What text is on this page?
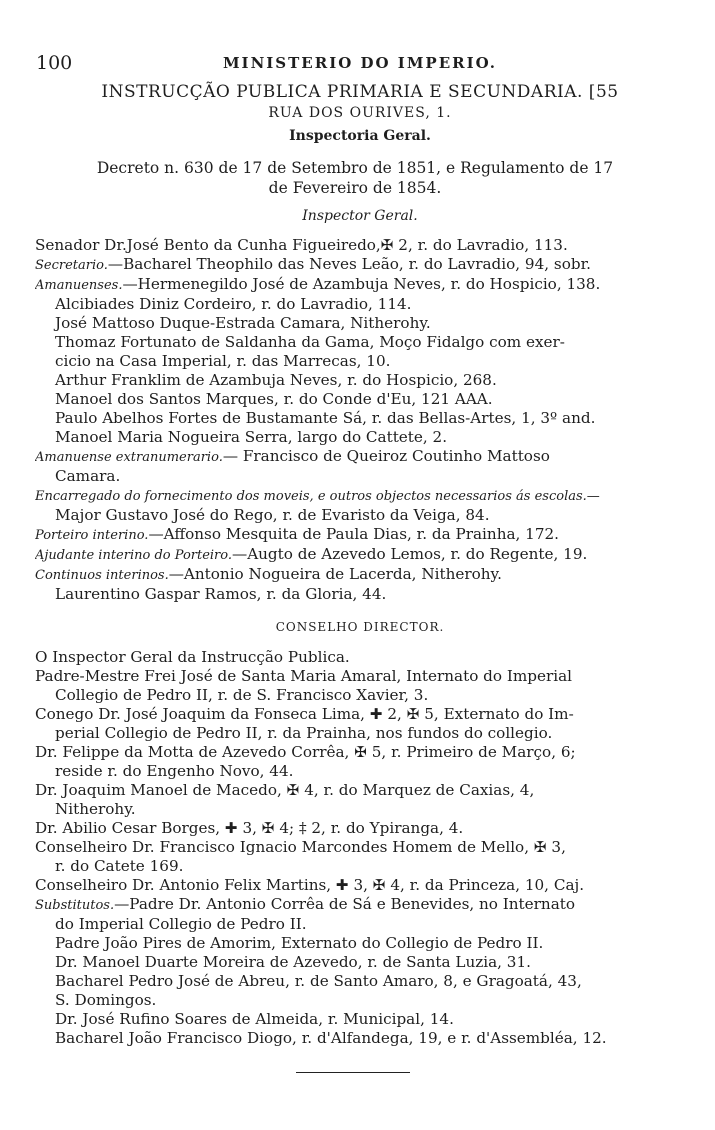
100	MINISTERIO DO IMPERIO.
INSTRUCÇÃO PUBLICA PRIMARIA E SECUNDARIA. [55
RUA DOS OURIVES, 1.
Inspectoria Geral.
Decreto n. 630 de 17 de Setembro de 1851, e Regulamento de 17
de Fevereiro de 1854.
Inspector Geral.
Senador Dr.José Bento da Cunha Figueiredo,✠ 2, r. do Lavradio, 113.
Secretario.—Bacharel Theophilo das Neves Leão, r. do Lavradio, 94, sobr.
Amanuenses.—Hermenegildo José de Azambuja Neves, r. do Hospicio, 138.
Alcibiades Diniz Cordeiro, r. do Lavradio, 114.
José Mattoso Duque-Estrada Camara, Nitherohy.
Thomaz Fortunato de Saldanha da Gama, Moço Fidalgo com exer-
cicio na Casa Imperial, r. das Marrecas, 10.
Arthur Franklim de Azambuja Neves, r. do Hospicio, 268.
Manoel dos Santos Marques, r. do Conde d'Eu, 121 AAA.
Paulo Abelhos Fortes de Bustamante Sá, r. das Bellas-Artes, 1, 3º and.
Manoel Maria Nogueira Serra, largo do Cattete, 2.
Amanuense extranumerario.— Francisco de Queiroz Coutinho Mattoso
Camara.
Encarregado do fornecimento dos moveis, e outros objectos necessarios ás escolas.—
Major Gustavo José do Rego, r. de Evaristo da Veiga, 84.
Porteiro interino.—Affonso Mesquita de Paula Dias, r. da Prainha, 172.
Ajudante interino do Porteiro.—Augto de Azevedo Lemos, r. do Regente, 19.
Continuos interinos.—Antonio Nogueira de Lacerda, Nitherohy.
Laurentino Gaspar Ramos, r. da Gloria, 44.
CONSELHO DIRECTOR.
O Inspector Geral da Instrucção Publica.
Padre-Mestre Frei José de Santa Maria Amaral, Internato do Imperial
Collegio de Pedro II, r. de S. Francisco Xavier, 3.
Conego Dr. José Joaquim da Fonseca Lima, ✚ 2, ✠ 5, Externato do Im-
perial Collegio de Pedro II, r. da Prainha, nos fundos do collegio.
Dr. Felippe da Motta de Azevedo Corrêa, ✠ 5, r. Primeiro de Março, 6;
reside r. do Engenho Novo, 44.
Dr. Joaquim Manoel de Macedo, ✠ 4, r. do Marquez de Caxias, 4,
Nitherohy.
Dr. Abilio Cesar Borges, ✚ 3, ✠ 4; ‡ 2, r. do Ypiranga, 4.
Conselheiro Dr. Francisco Ignacio Marcondes Homem de Mello, ✠ 3,
r. do Catete 169.
Conselheiro Dr. Antonio Felix Martins, ✚ 3, ✠ 4, r. da Princeza, 10, Caj.
Substitutos.—Padre Dr. Antonio Corrêa de Sá e Benevides, no Internato
do Imperial Collegio de Pedro II.
Padre João Pires de Amorim, Externato do Collegio de Pedro II.
Dr. Manoel Duarte Moreira de Azevedo, r. de Santa Luzia, 31.
Bacharel Pedro José de Abreu, r. de Santo Amaro, 8, e Gragoatá, 43,
S. Domingos.
Dr. José Rufino Soares de Almeida, r. Municipal, 14.
Bacharel João Francisco Diogo, r. d'Alfandega, 19, e r. d'Assembléa, 12.
